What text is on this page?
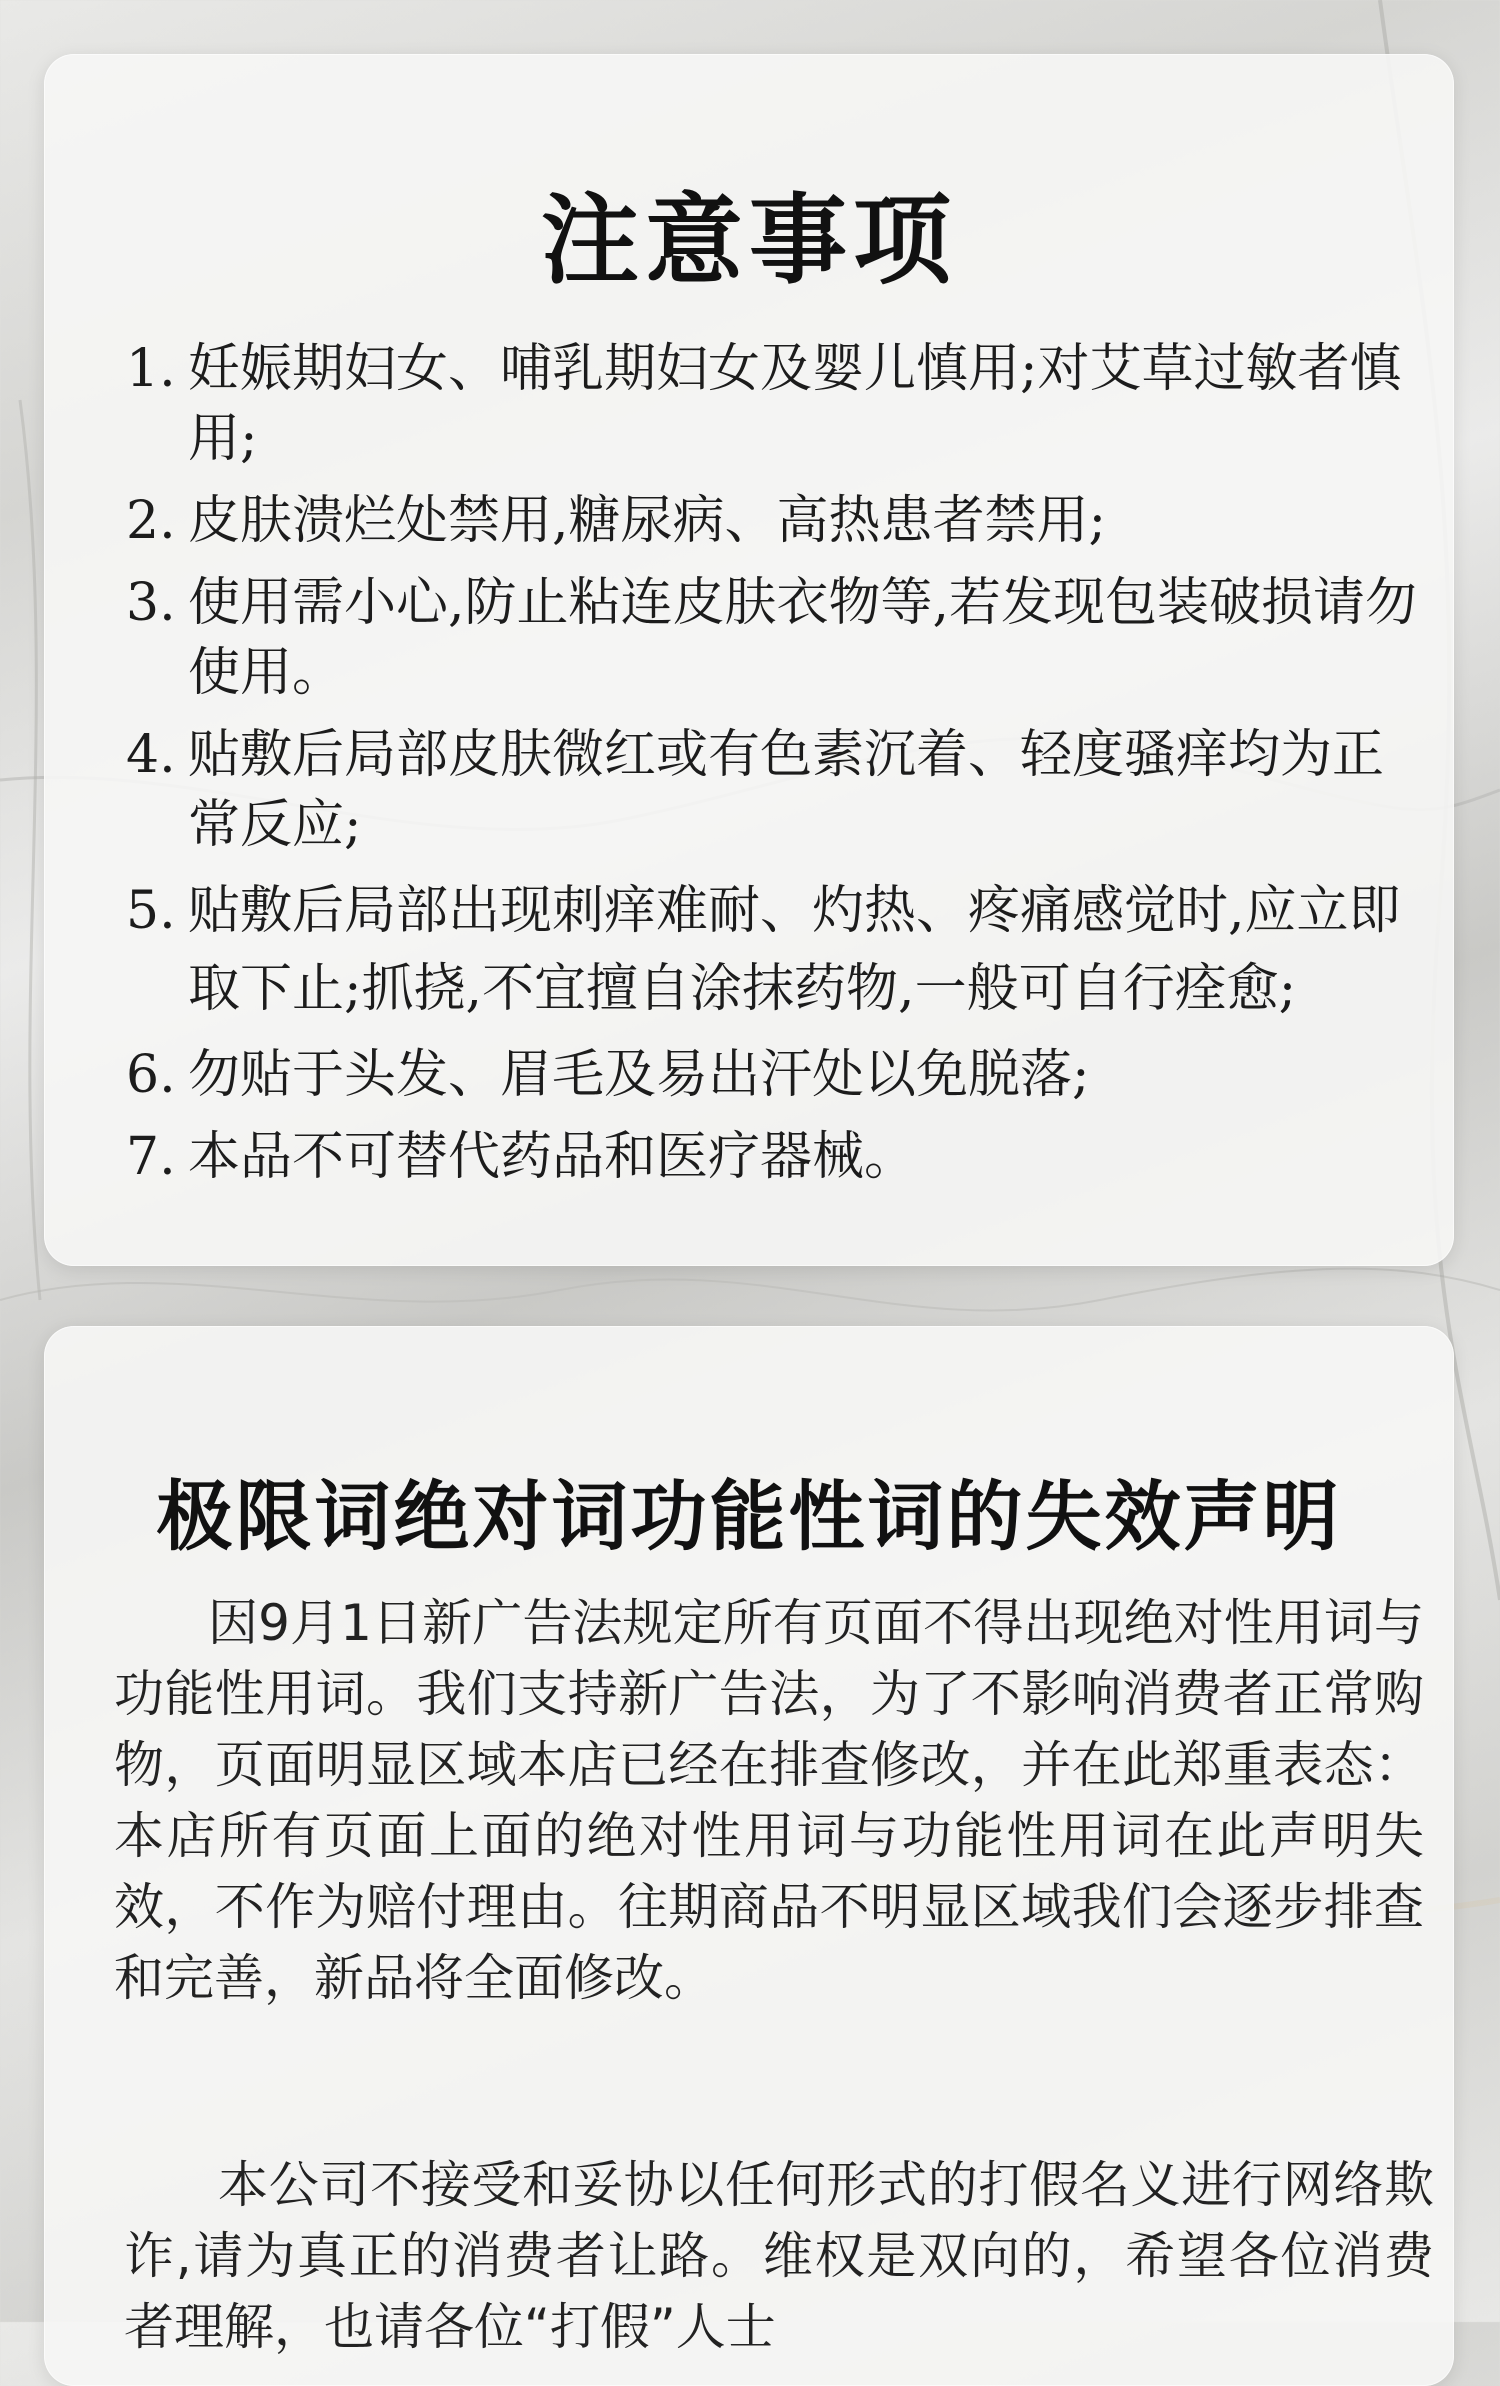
注意事项
1. 妊娠期妇女、哺乳期妇女及婴儿慎用;对艾草过敏者慎用;
2. 皮肤溃烂处禁用,糖尿病、高热患者禁用;
3. 使用需小心,防止粘连皮肤衣物等,若发现包装破损请勿使用。
4. 贴敷后局部皮肤微红或有色素沉着、轻度骚痒均为正常反应;
5. 贴敷后局部出现刺痒难耐、灼热、疼痛感觉时,应立即取下止;抓挠,不宜擅自涂抹药物,一般可自行痊愈;
6. 勿贴于头发、眉毛及易出汗处以免脱落;
7. 本品不可替代药品和医疗器械。
极限词绝对词功能性词的失效声明

因9月1日新广告法规定所有页面不得出现绝对性用词与功能性用词。我们支持新广告法，为了不影响消费者正常购物，页面明显区域本店已经在排查修改，并在此郑重表态：本店所有页面上面的绝对性用词与功能性用词在此声明失效，不作为赔付理由。往期商品不明显区域我们会逐步排查和完善，新品将全面修改。

本公司不接受和妥协以任何形式的打假名义进行网络欺诈,请为真正的消费者让路。维权是双向的，希望各位消费者理解，也请各位“打假”人士
